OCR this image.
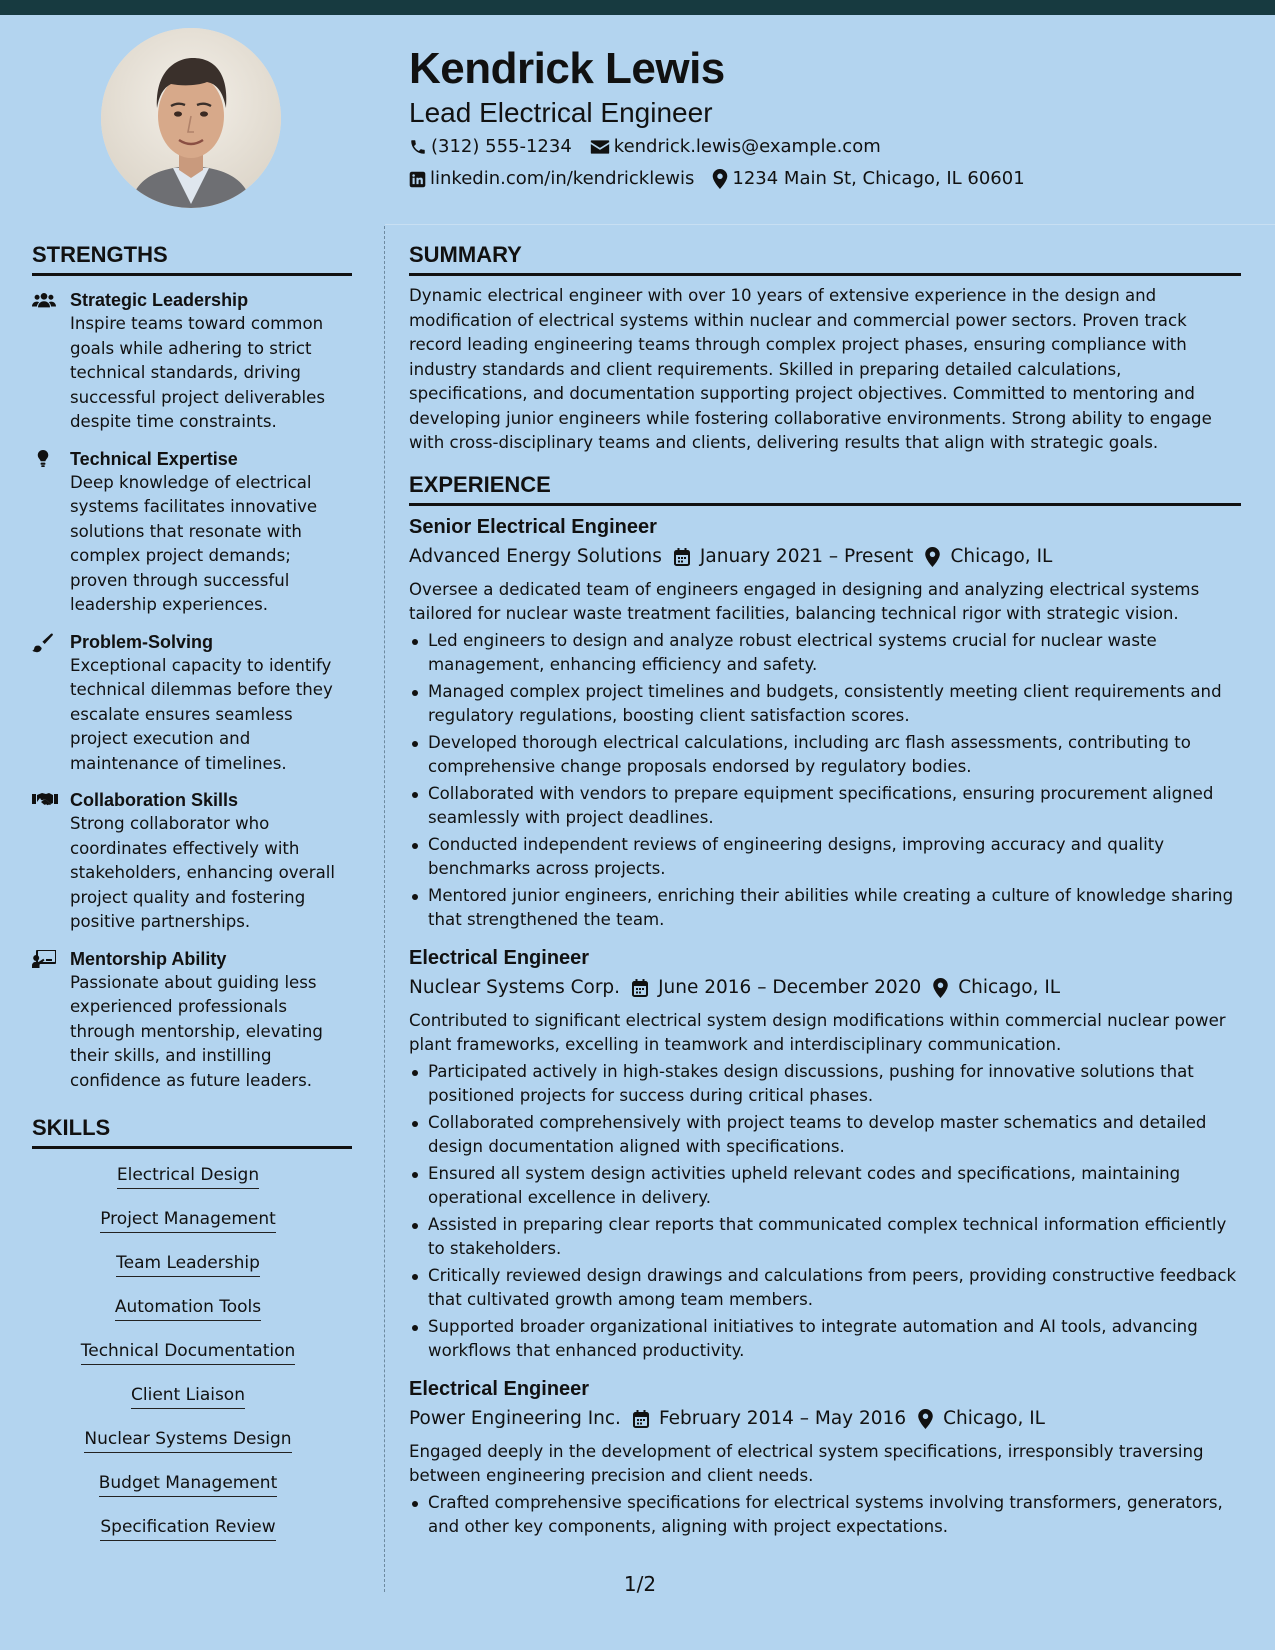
Kendrick Lewis
Lead Electrical Engineer
(312) 555-1234 kendrick.lewis@example.com
linkedin.com/in/kendricklewis 1234 Main St, Chicago, IL 60601
STRENGTHS
Strategic Leadership
Inspire teams toward common goals while adhering to strict technical standards, driving successful project deliverables despite time constraints.
Technical Expertise
Deep knowledge of electrical systems facilitates innovative solutions that resonate with complex project demands; proven through successful leadership experiences.
Problem-Solving
Exceptional capacity to identify technical dilemmas before they escalate ensures seamless project execution and maintenance of timelines.
Collaboration Skills
Strong collaborator who coordinates effectively with stakeholders, enhancing overall project quality and fostering positive partnerships.
Mentorship Ability
Passionate about guiding less experienced professionals through mentorship, elevating their skills, and instilling confidence as future leaders.
SKILLS
Electrical Design
Project Management
Team Leadership
Automation Tools
Technical Documentation
Client Liaison
Nuclear Systems Design
Budget Management
Specification Review
SUMMARY
Dynamic electrical engineer with over 10 years of extensive experience in the design and modification of electrical systems within nuclear and commercial power sectors. Proven track record leading engineering teams through complex project phases, ensuring compliance with industry standards and client requirements. Skilled in preparing detailed calculations, specifications, and documentation supporting project objectives. Committed to mentoring and developing junior engineers while fostering collaborative environments. Strong ability to engage with cross-disciplinary teams and clients, delivering results that align with strategic goals.
EXPERIENCE
Senior Electrical Engineer
Advanced Energy Solutions January 2021 – Present Chicago, IL
Oversee a dedicated team of engineers engaged in designing and analyzing electrical systems tailored for nuclear waste treatment facilities, balancing technical rigor with strategic vision.
Led engineers to design and analyze robust electrical systems crucial for nuclear waste management, enhancing efficiency and safety.
Managed complex project timelines and budgets, consistently meeting client requirements and regulatory regulations, boosting client satisfaction scores.
Developed thorough electrical calculations, including arc flash assessments, contributing to comprehensive change proposals endorsed by regulatory bodies.
Collaborated with vendors to prepare equipment specifications, ensuring procurement aligned seamlessly with project deadlines.
Conducted independent reviews of engineering designs, improving accuracy and quality benchmarks across projects.
Mentored junior engineers, enriching their abilities while creating a culture of knowledge sharing that strengthened the team.
Electrical Engineer
Nuclear Systems Corp. June 2016 – December 2020 Chicago, IL
Contributed to significant electrical system design modifications within commercial nuclear power plant frameworks, excelling in teamwork and interdisciplinary communication.
Participated actively in high-stakes design discussions, pushing for innovative solutions that positioned projects for success during critical phases.
Collaborated comprehensively with project teams to develop master schematics and detailed design documentation aligned with specifications.
Ensured all system design activities upheld relevant codes and specifications, maintaining operational excellence in delivery.
Assisted in preparing clear reports that communicated complex technical information efficiently to stakeholders.
Critically reviewed design drawings and calculations from peers, providing constructive feedback that cultivated growth among team members.
Supported broader organizational initiatives to integrate automation and AI tools, advancing workflows that enhanced productivity.
Electrical Engineer
Power Engineering Inc. February 2014 – May 2016 Chicago, IL
Engaged deeply in the development of electrical system specifications, irresponsibly traversing between engineering precision and client needs.
Crafted comprehensive specifications for electrical systems involving transformers, generators, and other key components, aligning with project expectations.
1/2
